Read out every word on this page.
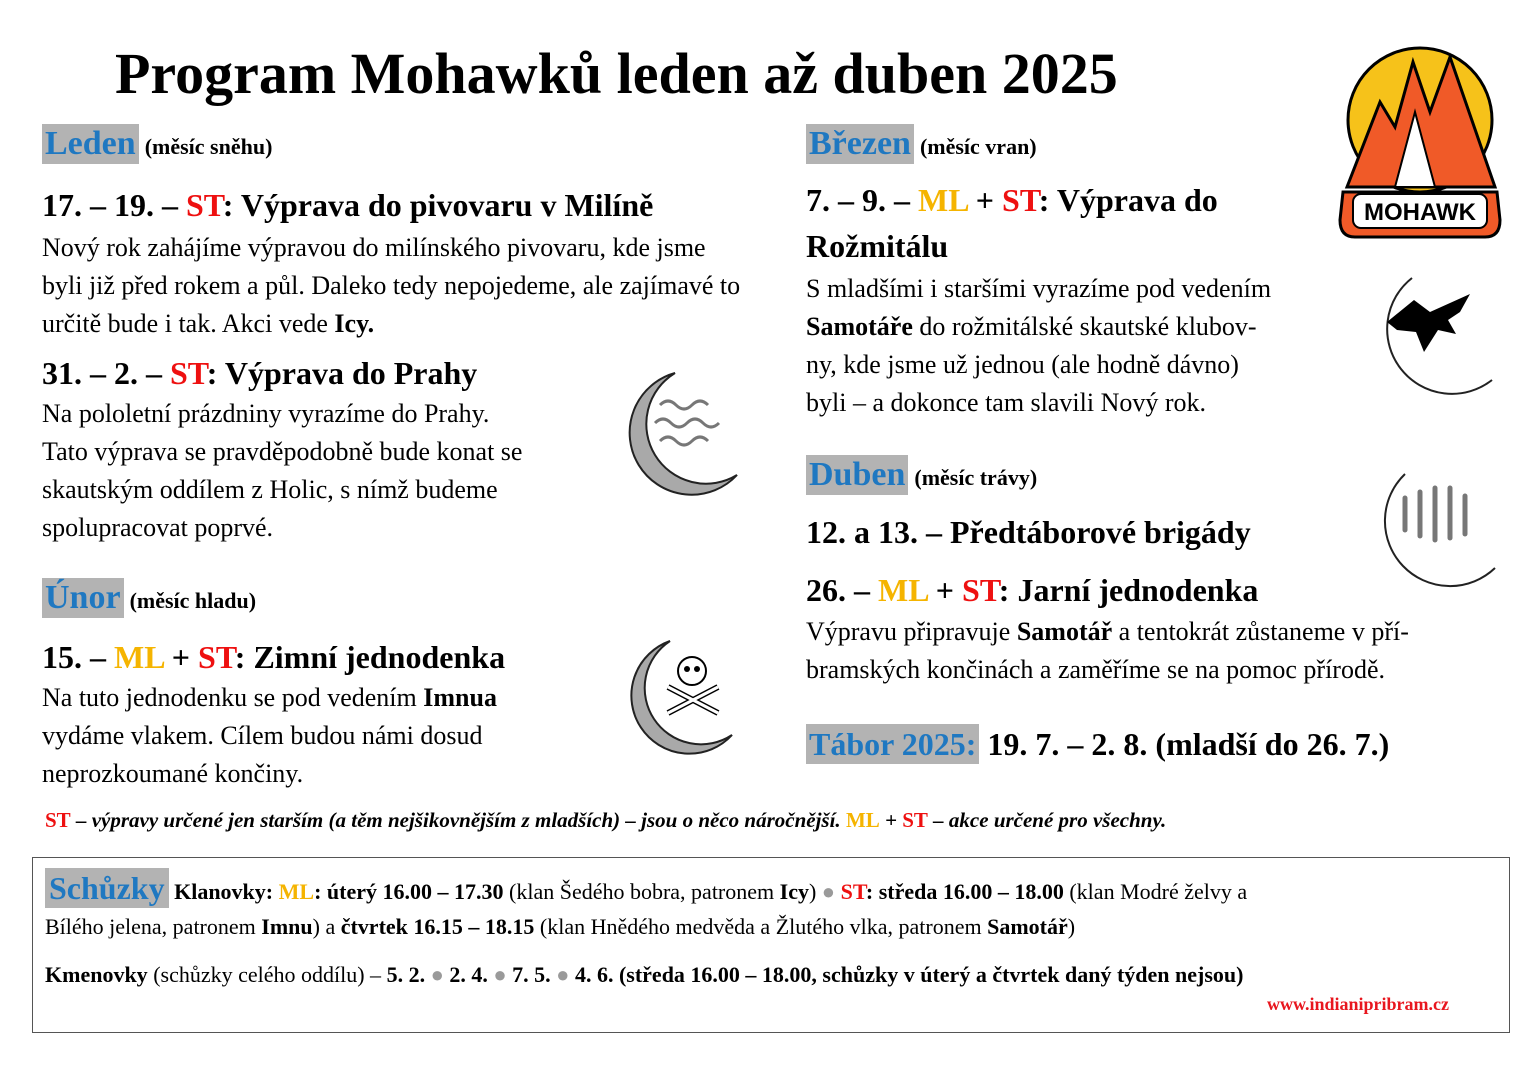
Program Mohawků leden až duben 2025
MOHAWK
Leden (měsíc sněhu)
17. – 19. – ST: Výprava do pivovaru v Milíně
Nový rok zahájíme výpravou do milínského pivovaru, kde jsme byli již před rokem a půl. Daleko tedy nepojedeme, ale zajímavé to určitě bude i tak. Akci vede Icy.
31. – 2. – ST: Výprava do Prahy
Na pololetní prázdniny vyrazíme do Prahy.
Tato výprava se pravděpodobně bude konat se
skautským oddílem z Holic, s nímž budeme
spolupracovat poprvé.
Únor (měsíc hladu)
15. – ML + ST: Zimní jednodenka
Na tuto jednodenku se pod vedením Imnua
vydáme vlakem. Cílem budou námi dosud
neprozkoumané končiny.
Březen (měsíc vran)
7. – 9. – ML + ST: Výprava do
Rožmitálu
S mladšími i staršími vyrazíme pod vedením
Samotáře do rožmitálské skautské klubov-
ny, kde jsme už jednou (ale hodně dávno)
byli – a dokonce tam slavili Nový rok.
Duben (měsíc trávy)
12. a 13. – Předtáborové brigády
26. – ML + ST: Jarní jednodenka
Výpravu připravuje Samotář a tentokrát zůstaneme v pří-
bramských končinách a zaměříme se na pomoc přírodě.
Tábor 2025: 19. 7. – 2. 8. (mladší do 26. 7.)
ST – výpravy určené jen starším (a těm nejšikovnějším z mladších) – jsou o něco náročnější. ML + ST – akce určené pro všechny.
Schůzky Klanovky: ML: úterý 16.00 – 17.30 (klan Šedého bobra, patronem Icy) ● ST: středa 16.00 – 18.00 (klan Modré želvy a
Bílého jelena, patronem Imnu) a čtvrtek 16.15 – 18.15 (klan Hnědého medvěda a Žlutého vlka, patronem Samotář)
Kmenovky (schůzky celého oddílu) – 5. 2. ● 2. 4. ● 7. 5. ● 4. 6. (středa 16.00 – 18.00, schůzky v úterý a čtvrtek daný týden nejsou)
www.indianipribram.cz
